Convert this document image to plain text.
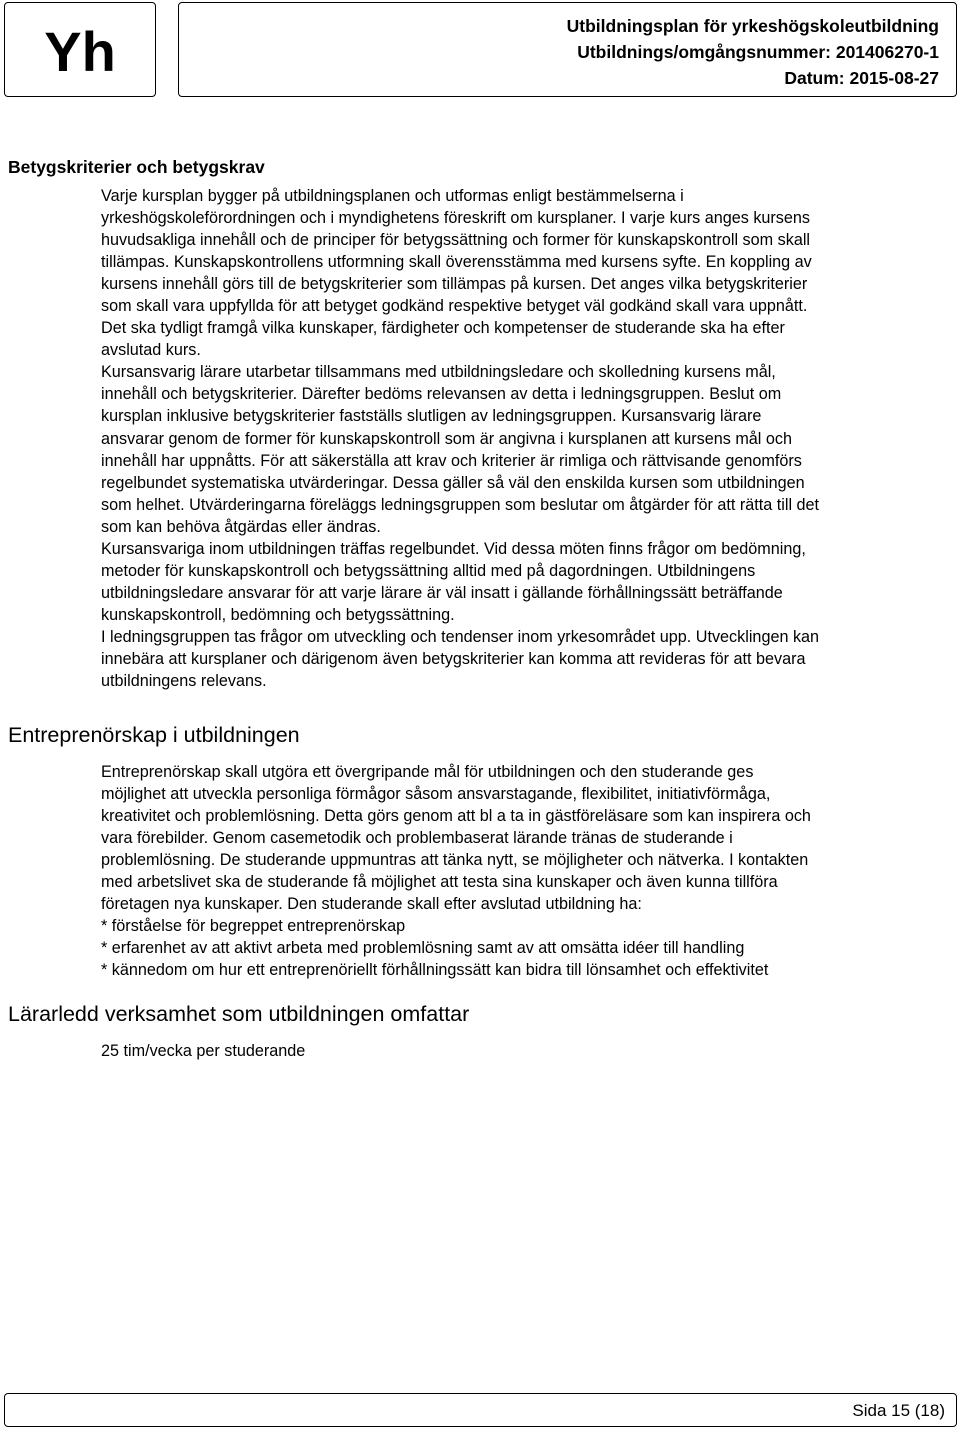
Yh	Utbildningsplan för yrkeshögskoleutbildning
Utbildnings/omgångsnummer: 201406270-1
Datum: 2015-08-27
Betygskriterier och betygskrav
Varje kursplan bygger på utbildningsplanen och utformas enligt bestämmelserna i
yrkeshögskoleförordningen och i myndighetens föreskrift om kursplaner. I varje kurs anges kursens
huvudsakliga innehåll och de principer för betygssättning och former för kunskapskontroll som skall
tillämpas. Kunskapskontrollens utformning skall överensstämma med kursens syfte. En koppling av
kursens innehåll görs till de betygskriterier som tillämpas på kursen. Det anges vilka betygskriterier
som skall vara uppfyllda för att betyget godkänd respektive betyget väl godkänd skall vara uppnått.
Det ska tydligt framgå vilka kunskaper, färdigheter och kompetenser de studerande ska ha efter
avslutad kurs.
Kursansvarig lärare utarbetar tillsammans med utbildningsledare och skolledning kursens mål,
innehåll och betygskriterier. Därefter bedöms relevansen av detta i ledningsgruppen. Beslut om
kursplan inklusive betygskriterier fastställs slutligen av ledningsgruppen. Kursansvarig lärare
ansvarar genom de former för kunskapskontroll som är angivna i kursplanen att kursens mål och
innehåll har uppnåtts. För att säkerställa att krav och kriterier är rimliga och rättvisande genomförs
regelbundet systematiska utvärderingar. Dessa gäller så väl den enskilda kursen som utbildningen
som helhet. Utvärderingarna föreläggs ledningsgruppen som beslutar om åtgärder för att rätta till det
som kan behöva åtgärdas eller ändras.
Kursansvariga inom utbildningen träffas regelbundet. Vid dessa möten finns frågor om bedömning,
metoder för kunskapskontroll och betygssättning alltid med på dagordningen. Utbildningens
utbildningsledare ansvarar för att varje lärare är väl insatt i gällande förhållningssätt beträffande
kunskapskontroll, bedömning och betygssättning.
I ledningsgruppen tas frågor om utveckling och tendenser inom yrkesområdet upp. Utvecklingen kan
innebära att kursplaner och därigenom även betygskriterier kan komma att revideras för att bevara
utbildningens relevans.
Entreprenörskap i utbildningen
Entreprenörskap skall utgöra ett övergripande mål för utbildningen och den studerande ges
möjlighet att utveckla personliga förmågor såsom ansvarstagande, flexibilitet, initiativförmåga,
kreativitet och problemlösning. Detta görs genom att bl a ta in gästföreläsare som kan inspirera och
vara förebilder. Genom casemetodik och problembaserat lärande tränas de studerande i
problemlösning. De studerande uppmuntras att tänka nytt, se möjligheter och nätverka. I kontakten
med arbetslivet ska de studerande få möjlighet att testa sina kunskaper och även kunna tillföra
företagen nya kunskaper. Den studerande skall efter avslutad utbildning ha:
* förståelse för begreppet entreprenörskap
* erfarenhet av att aktivt arbeta med problemlösning samt av att omsätta idéer till handling
* kännedom om hur ett entreprenöriellt förhållningssätt kan bidra till lönsamhet och effektivitet
Lärarledd verksamhet som utbildningen omfattar
25 tim/vecka per studerande
Sida 15 (18)
